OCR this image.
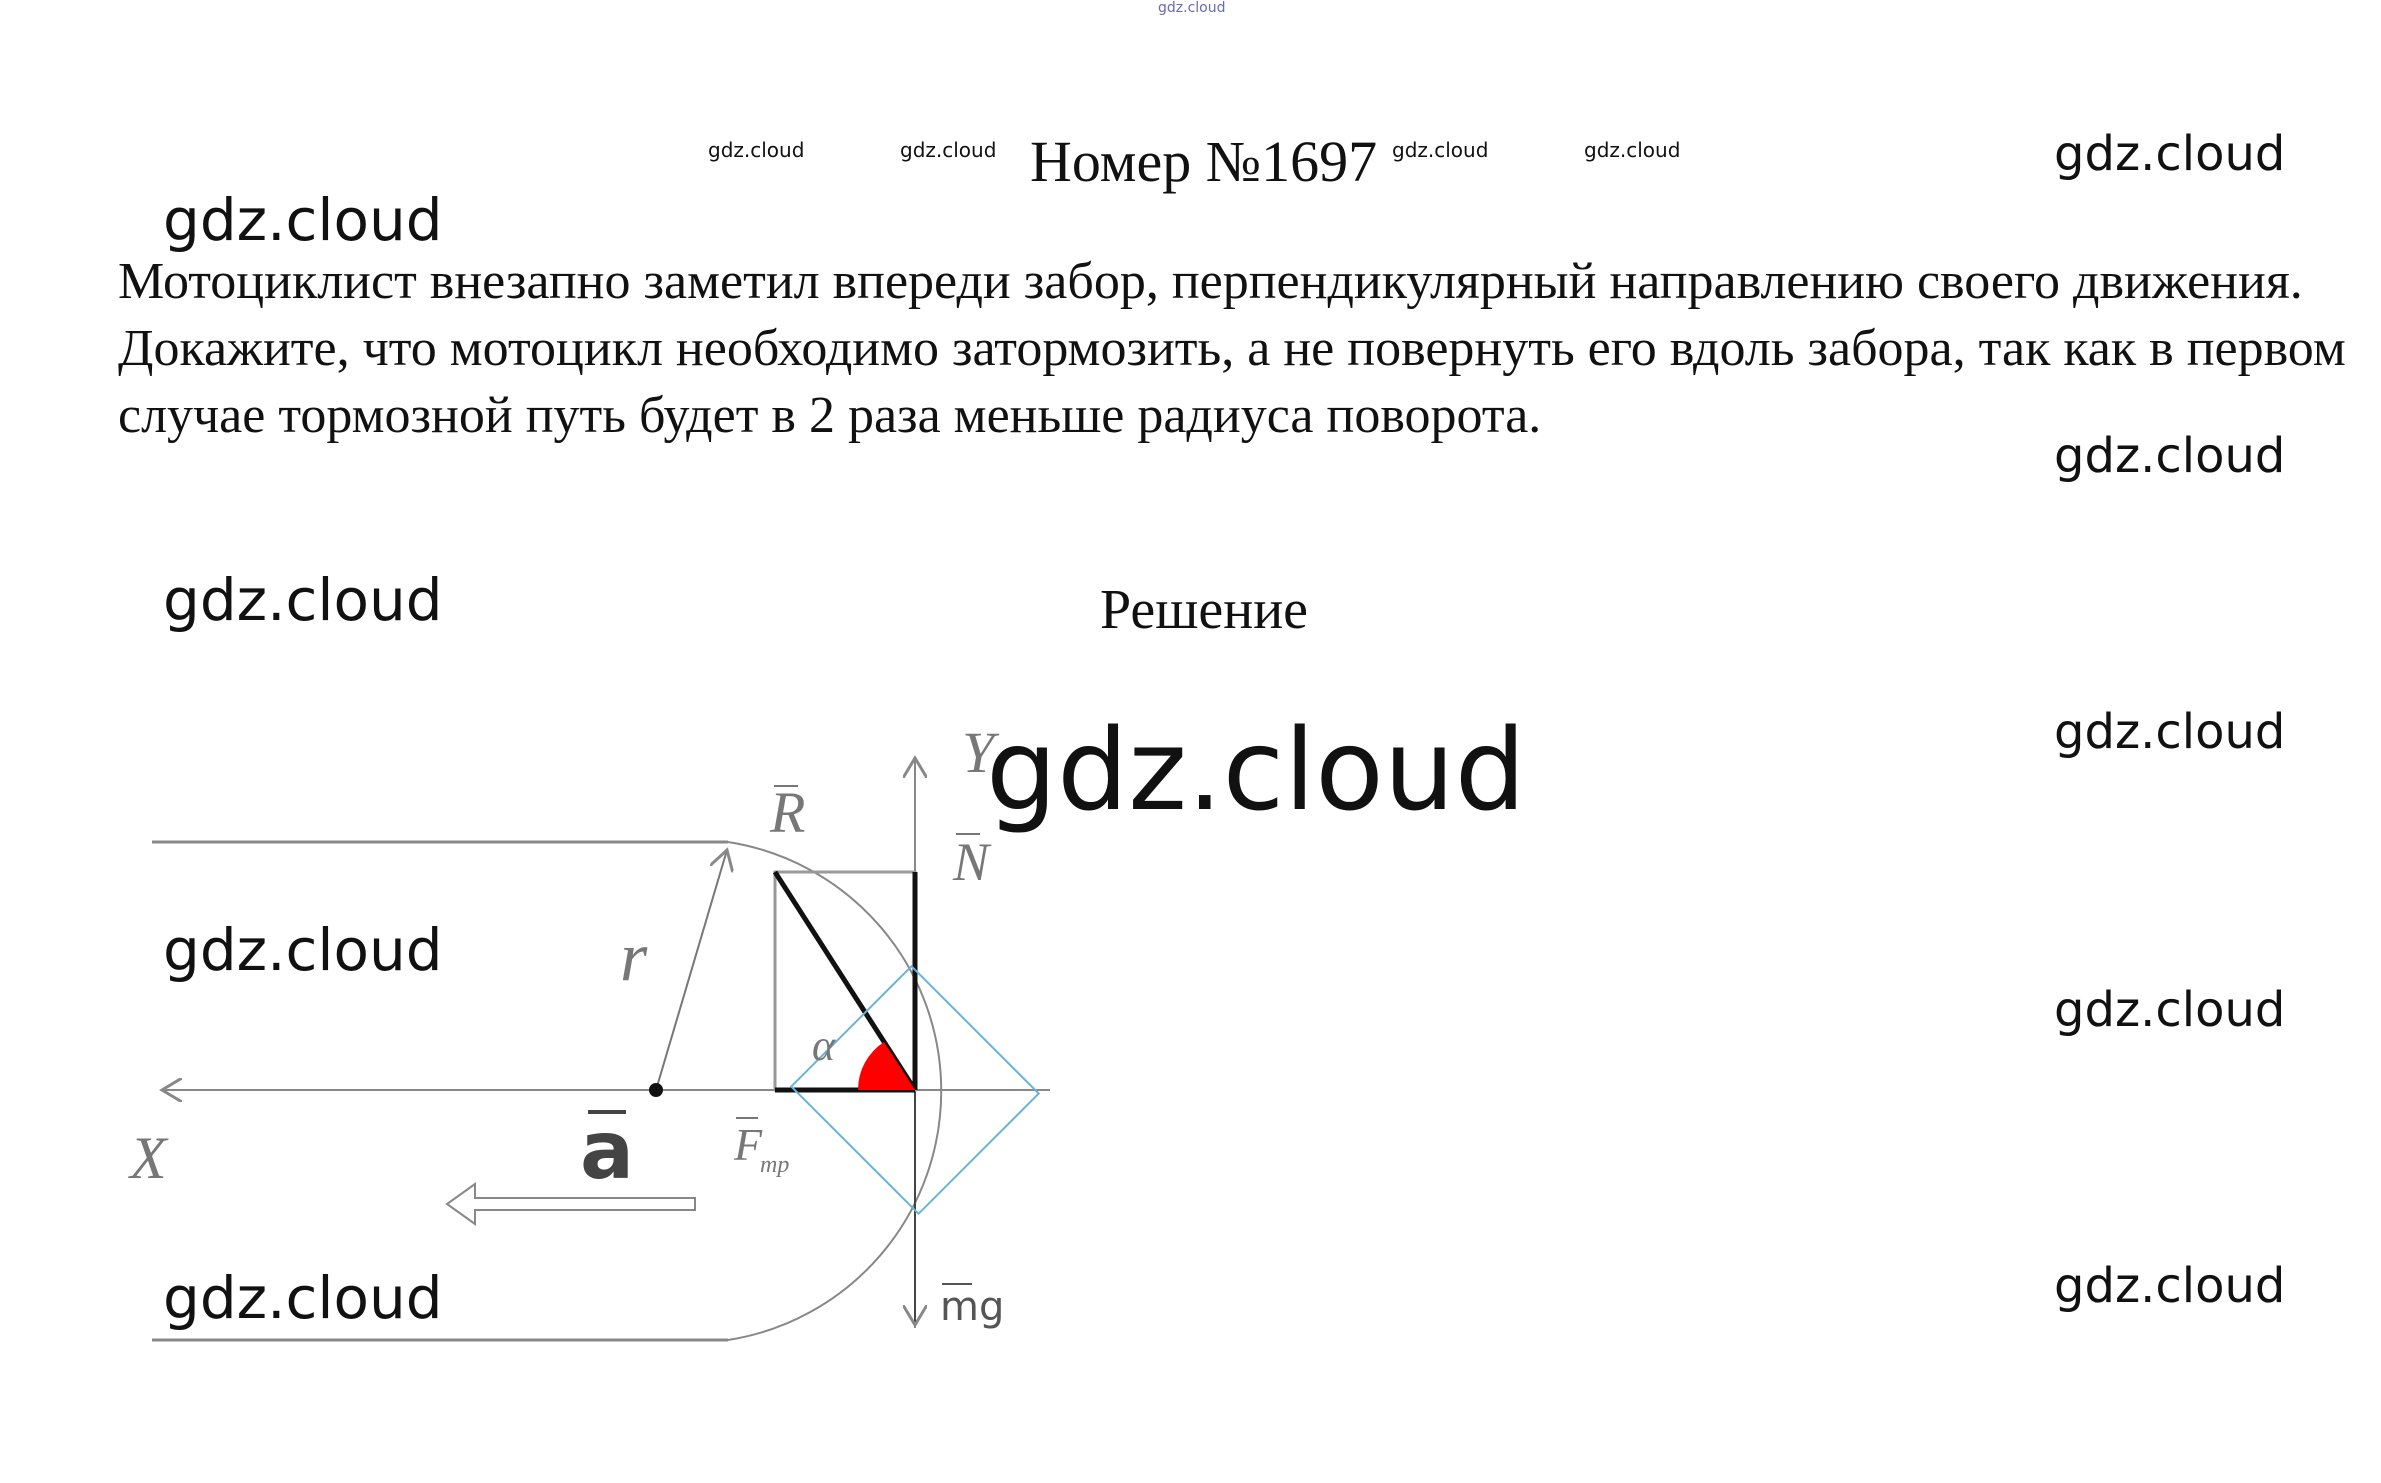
gdz.cloud
gdz.cloud	gdz.cloud	gdz.cloud	gdz.cloud	gdz.cloud
gdz.cloud
gdz.cloud
gdz.cloud
gdz.cloud
gdz.cloud
gdz.cloud
gdz.cloud
gdz.cloud
Номер №1697
Мотоциклист внезапно заметил впереди забор, перпендикулярный направлению своего движения. Докажите, что мотоцикл необходимо затормозить, а не повернуть его вдоль забора, так как в первом случае тормозной путь будет в 2 раза меньше радиуса поворота.
Решение
Y
X
R
N
r
α
a F
тр
mg
gdz.cloud
